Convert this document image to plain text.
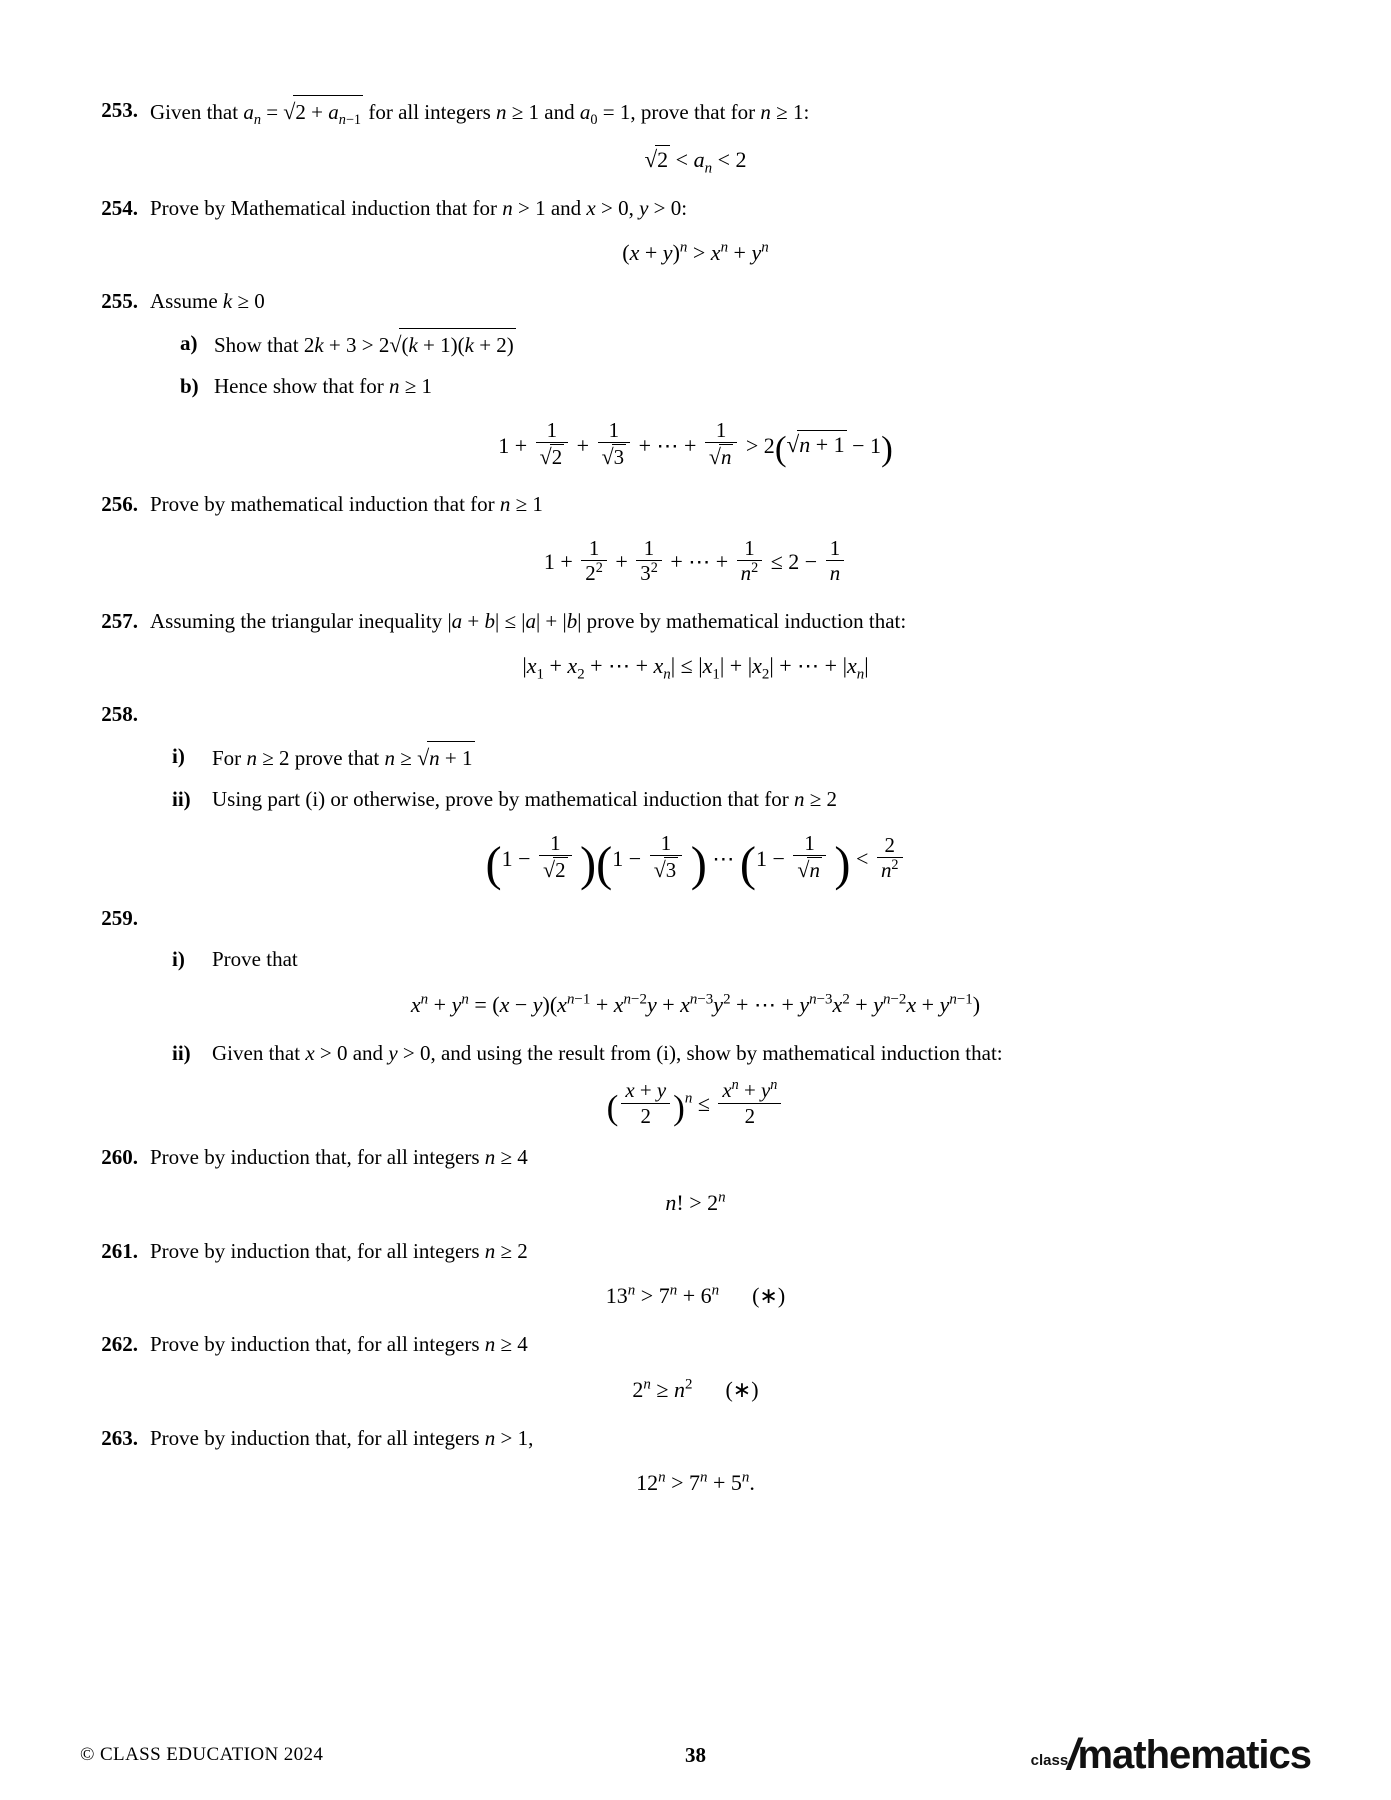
253. Given that $a_n = √2 + a_{n-1}$ for all integers n ≥ 1 and $a_0 = 1$, prove that for n ≥ 1:
$√2 < a_n < 2$
254. Prove by Mathematical induction that for n > 1 and x > 0, y > 0:
$(x + y)^n > x^n + y^n$
255. Assume k ≥ 0
a) Show that 2k + 3 > 2√(k + 1)(k + 2)
b) Hence show that for n ≥ 1
$1 + \frac{1}{√2} + \frac{1}{√3}$ + ⋯ + $\frac{1}{√n} > 2(√n + 1 - 1)$
256. Prove by mathematical induction that for n ≥ 1
$1 + \frac{1}{2^2} + \frac{1}{3^2}$ + ⋯ + $\frac{1}{n^2} \le 2 - \frac{1}{n}$
257. Assuming the triangular inequality |a + b| ≤ |a| + |b| prove by mathematical induction that:
$|x_1 + x_2$ + ⋯ + $x_n| \le |x_1| + |x_2|$ + ⋯ + $|x_n|$
258.
i)	For n ≥ 2 prove that n ≥ √n + 1
ii)	Using part (i) or otherwise, prove by mathematical induction that for n ≥ 2
$(1 - \frac{1}{√2} )(1 - \frac{1}{√3}$ ) ⋯ ($1 - \frac{1}{√n}$ ) < $\frac{2}{n^2}$
259.
i)	Prove that
$x^n + y^n = (x - y)(x^{n-1} + x^{n-2}y + x^{n-3}y^2$ + ⋯ + $y^{n-3}x^2 + y^{n-2}x + y^{n-1}$)
ii)	Given that x > 0 and y > 0, and using the result from (i), show by mathematical induction that:
( $\frac{x + y}{2} )^n \le \frac{x^n + y^n}{2}$
260. Prove by induction that, for all integers n ≥ 4
n! > $2^n$
261. Prove by induction that, for all integers n ≥ 2
$13^n > 7^n + 6^n$ (∗)
262. Prove by induction that, for all integers n ≥ 4
$2^n \ge n^2$ (∗)
263. Prove by induction that, for all integers n > 1,
$12^n > 7^n + 5^n$.
© CLASS EDUCATION 2024	38	class /
mathematics
